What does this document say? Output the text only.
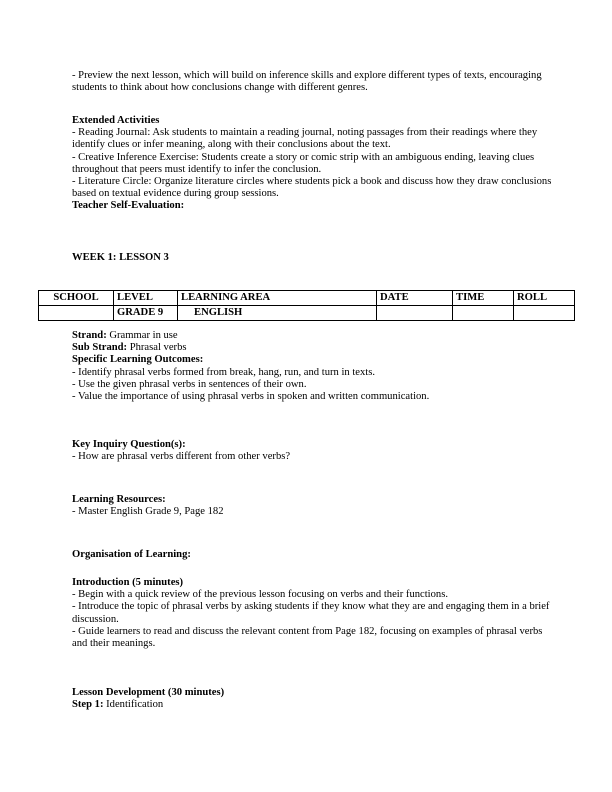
- Preview the next lesson, which will build on inference skills and explore different types of texts, encouraging students to think about how conclusions change with different genres.

Extended Activities

- Reading Journal: Ask students to maintain a reading journal, noting passages from their readings where they identify clues or infer meaning, along with their conclusions about the text.

- Creative Inference Exercise: Students create a story or comic strip with an ambiguous ending, leaving clues throughout that peers must identify to infer the conclusion.

- Literature Circle: Organize literature circles where students pick a book and discuss how they draw conclusions based on textual evidence during group sessions.

Teacher Self-Evaluation:

WEEK 1: LESSON 3

SCHOOL	LEVEL	LEARNING AREA	DATE	TIME	ROLL
	GRADE 9	ENGLISH			

Strand: Grammar in use

Sub Strand: Phrasal verbs

Specific Learning Outcomes:

- Identify phrasal verbs formed from break, hang, run, and turn in texts.

- Use the given phrasal verbs in sentences of their own.

- Value the importance of using phrasal verbs in spoken and written communication.

Key Inquiry Question(s):

- How are phrasal verbs different from other verbs?

Learning Resources:

- Master English Grade 9, Page 182

Organisation of Learning:

Introduction (5 minutes)

- Begin with a quick review of the previous lesson focusing on verbs and their functions.

- Introduce the topic of phrasal verbs by asking students if they know what they are and engaging them in a brief discussion.

- Guide learners to read and discuss the relevant content from Page 182, focusing on examples of phrasal verbs and their meanings.

Lesson Development (30 minutes)

Step 1: Identification
